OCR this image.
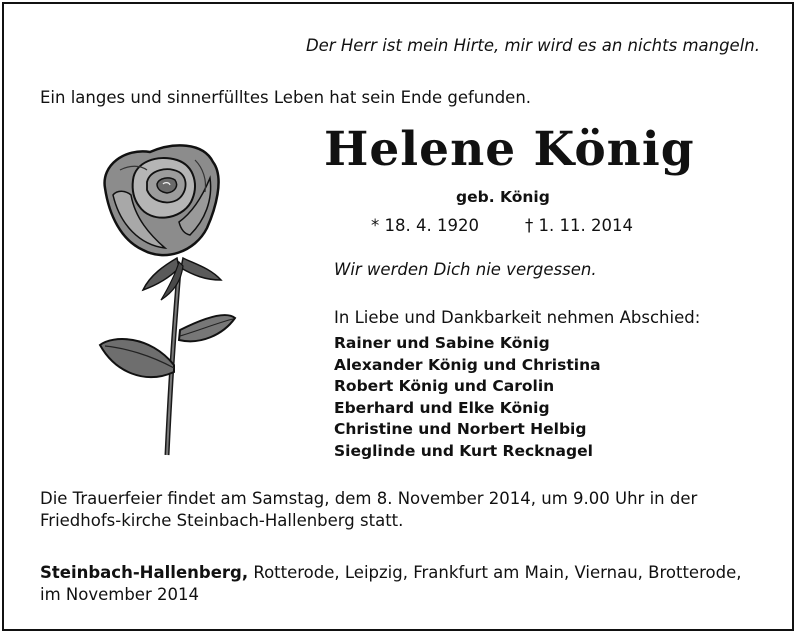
Der Herr ist mein Hirte, mir wird es an nichts mangeln.
Ein langes und sinnerfülltes Leben hat sein Ende gefunden.
Helene König
geb. König
* 18. 4. 1920	† 1. 11. 2014
Wir werden Dich nie vergessen.
In Liebe und Dankbarkeit nehmen Abschied:
Rainer und Sabine König
Alexander König und Christina
Robert König und Carolin
Eberhard und Elke König
Christine und Norbert Helbig
Sieglinde und Kurt Recknagel
Die Trauerfeier findet am Samstag, dem 8. November 2014, um 9.00 Uhr in der Friedhofs-kirche Steinbach-Hallenberg statt.
Steinbach-Hallenberg, Rotterode, Leipzig, Frankfurt am Main, Viernau, Brotterode,
im November 2014
